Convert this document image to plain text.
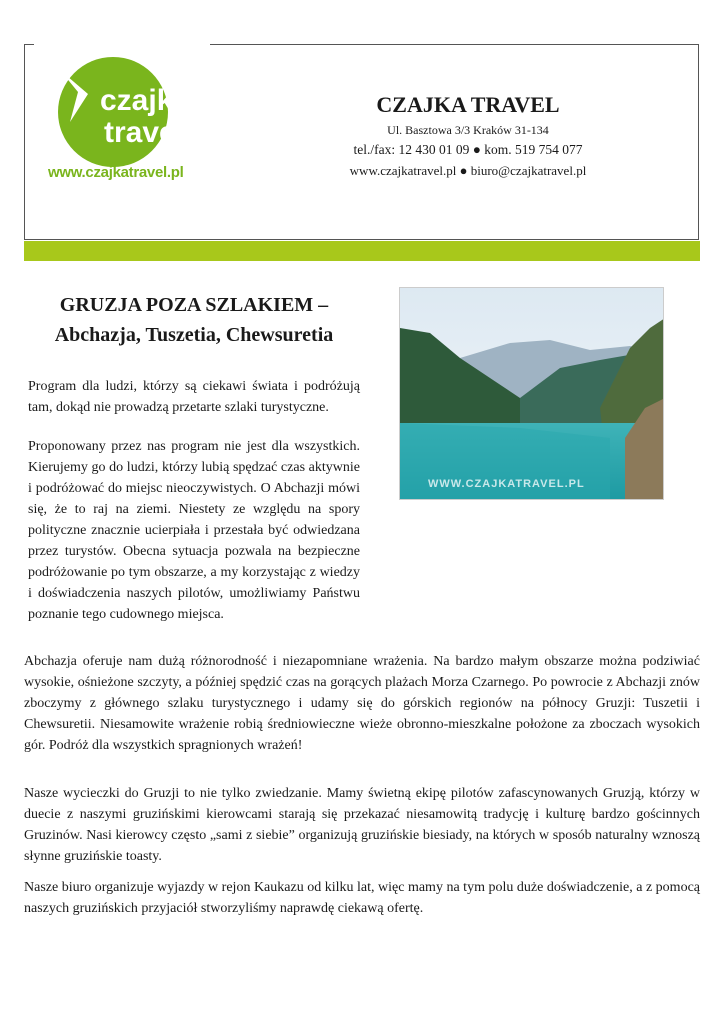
czajka
travel
www.czajkatravel.pl
CZAJKA TRAVEL
Ul. Basztowa 3/3 Kraków 31-134
tel./fax: 12 430 01 09 ● kom. 519 754 077
www.czajkatravel.pl ● biuro@czajkatravel.pl
GRUZJA POZA SZLAKIEM –
Abchazja, Tuszetia, Chewsuretia
WWW.CZAJKATRAVEL.PL

Program dla ludzi, którzy są ciekawi świata i podróżują tam, dokąd nie prowadzą przetarte szlaki turystyczne.

Proponowany przez nas program nie jest dla wszystkich. Kierujemy go do ludzi, którzy lubią spędzać czas aktywnie i podróżować do miejsc nieoczywistych. O Abchazji mówi się, że to raj na ziemi. Niestety ze względu na spory polityczne znacznie ucierpiała i przestała być odwiedzana przez turystów. Obecna sytuacja pozwala na bezpieczne podróżowanie po tym obszarze, a my korzystając z wiedzy i doświadczenia naszych pilotów, umożliwiamy Państwu poznanie tego cudownego miejsca.

Abchazja oferuje nam dużą różnorodność i niezapomniane wrażenia. Na bardzo małym obszarze można podziwiać wysokie, ośnieżone szczyty, a później spędzić czas na gorących plażach Morza Czarnego. Po powrocie z Abchazji znów zboczymy z głównego szlaku turystycznego i udamy się do górskich regionów na północy Gruzji: Tuszetii i Chewsuretii. Niesamowite wrażenie robią średniowieczne wieże obronno-mieszkalne położone za zboczach wysokich gór. Podróż dla wszystkich spragnionych wrażeń!

Nasze wycieczki do Gruzji to nie tylko zwiedzanie. Mamy świetną ekipę pilotów zafascynowanych Gruzją, którzy w duecie z naszymi gruzińskimi kierowcami starają się przekazać niesamowitą tradycję i kulturę bardzo gościnnych Gruzinów. Nasi kierowcy często „sami z siebie” organizują gruzińskie biesiady, na których w sposób naturalny wznoszą słynne gruzińskie toasty.

Nasze biuro organizuje wyjazdy w rejon Kaukazu od kilku lat, więc mamy na tym polu duże doświadczenie, a z pomocą naszych gruzińskich przyjaciół stworzyliśmy naprawdę ciekawą ofertę.
